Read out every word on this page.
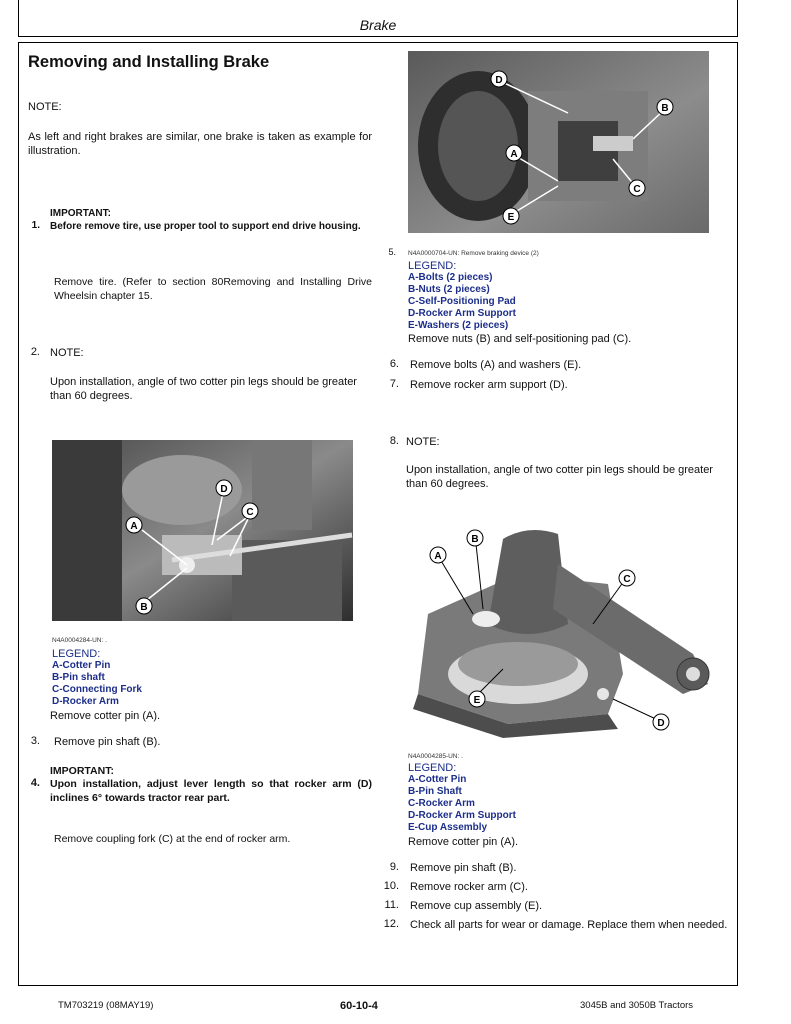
Brake
Removing and Installing Brake
NOTE:
As left and right brakes are similar, one brake is taken as example for illustration.
IMPORTANT:
1. Before remove tire, use proper tool to support end drive housing.
Remove tire. (Refer to section 80Removing and Installing Drive Wheelsin chapter 15.
2. NOTE:
Upon installation, angle of two cotter pin legs should be greater than 60 degrees.
A
B
C
D
N4A0004284-UN: .
LEGEND:
A-Cotter Pin
B-Pin shaft
C-Connecting Fork
D-Rocker Arm
Remove cotter pin (A).
3. Remove pin shaft (B).
IMPORTANT:
4. Upon installation, adjust lever length so that rocker arm (D) inclines 6° towards tractor rear part.
Remove coupling fork (C) at the end of rocker arm.
D
B
A
C
E
5. N4A0000704-UN: Remove braking device (2)
LEGEND:
A-Bolts (2 pieces)
B-Nuts (2 pieces)
C-Self-Positioning Pad
D-Rocker Arm Support
E-Washers (2 pieces)
Remove nuts (B) and self-positioning pad (C).
6. Remove bolts (A) and washers (E).
7. Remove rocker arm support (D).
8. NOTE:
Upon installation, angle of two cotter pin legs should be greater than 60 degrees.
A
B
C
D
E
N4A0004285-UN: .
LEGEND:
A-Cotter Pin
B-Pin Shaft
C-Rocker Arm
D-Rocker Arm Support
E-Cup Assembly
Remove cotter pin (A).
9. Remove pin shaft (B).
10. Remove rocker arm (C).
11. Remove cup assembly (E).
12. Check all parts for wear or damage. Replace them when needed.
TM703219 (08MAY19)	60-10-4	3045B and 3050B Tractors
